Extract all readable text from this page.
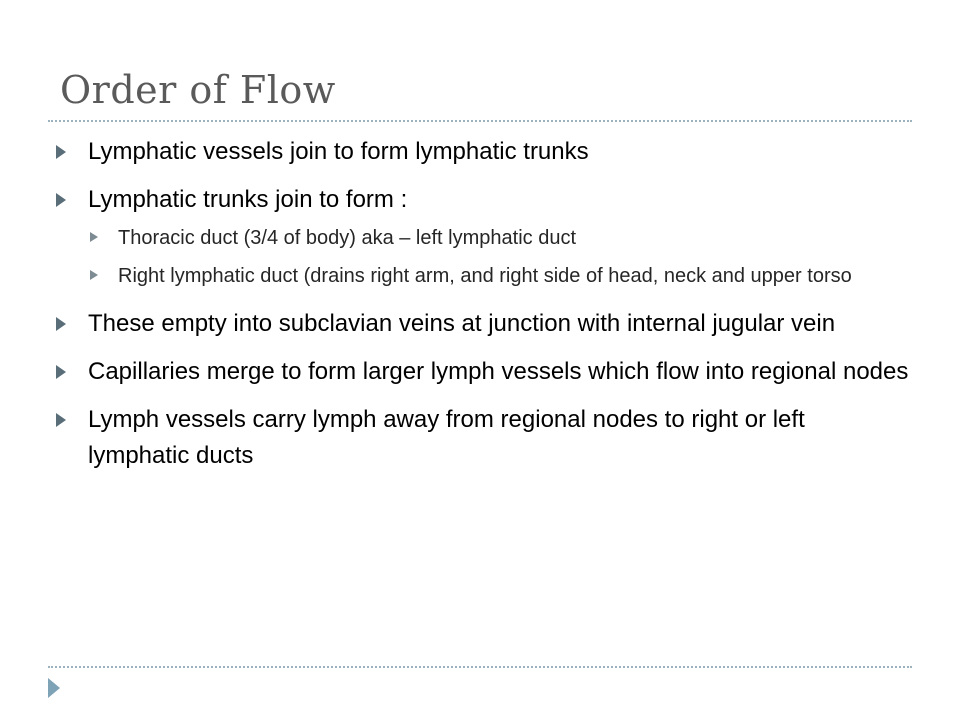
Order of Flow
Lymphatic vessels join to form lymphatic trunks
Lymphatic trunks join to form :
Thoracic duct (3/4 of body) aka – left lymphatic duct
Right lymphatic duct (drains right arm, and right side of head, neck and upper torso
These empty into subclavian veins at junction with internal jugular vein
Capillaries merge to form larger lymph vessels which flow into regional nodes
Lymph vessels carry lymph away from regional nodes to right or left lymphatic ducts
